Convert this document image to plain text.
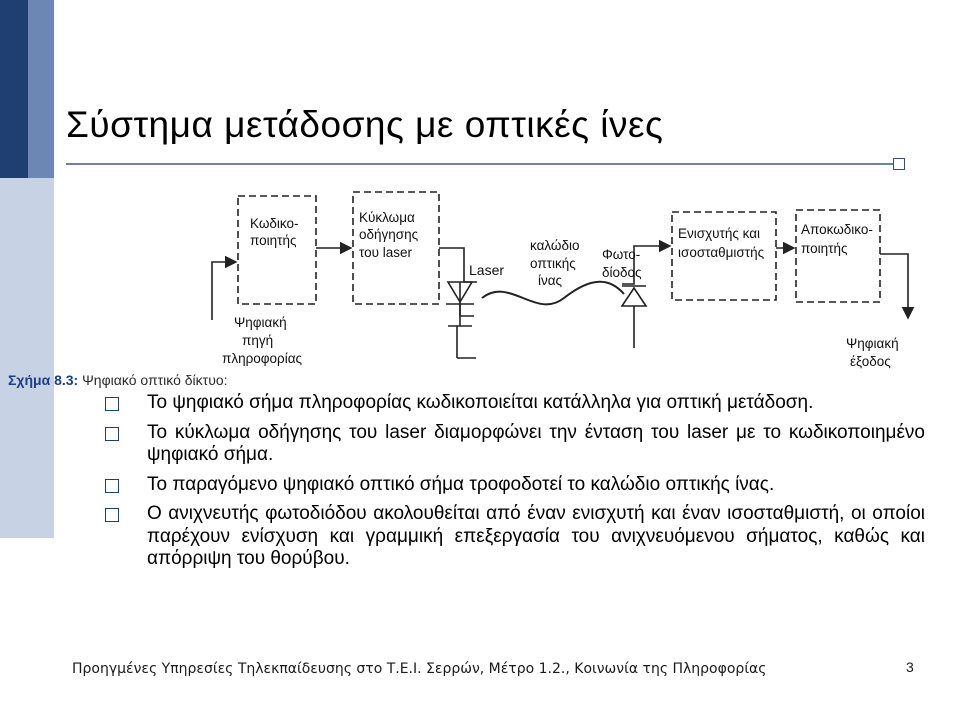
Σύστημα μετάδοσης με οπτικές ίνες
Κωδικο- ποιητής
Κύκλωμα οδήγησης του laser
Laser
καλώδιο οπτικής ίνας
Φωτο- δίοδος
Ενισχυτής και ισοσταθμιστής
Αποκωδικο- ποιητής
Ψηφιακή πηγή πληροφορίας
Ψηφιακή έξοδος
Σχήμα 8.3: Ψηφιακό οπτικό δίκτυο:
Το ψηφιακό σήμα πληροφορίας κωδικοποιείται κατάλληλα για οπτική μετάδοση.
Το κύκλωμα οδήγησης του laser διαμορφώνει την ένταση του laser με το κωδικοποιημένο ψηφιακό σήμα.
Το παραγόμενο ψηφιακό οπτικό σήμα τροφοδοτεί το καλώδιο οπτικής ίνας.
Ο ανιχνευτής φωτοδιόδου ακολουθείται από έναν ενισχυτή και έναν ισοσταθμιστή, οι οποίοι παρέχουν ενίσχυση και γραμμική επεξεργασία του ανιχνευόμενου σήματος, καθώς και απόρριψη του θορύβου.
Προηγμένες Υπηρεσίες Τηλεκπαίδευσης στο Τ.Ε.Ι. Σερρών, Μέτρο 1.2., Κοινωνία της Πληροφορίας	3
